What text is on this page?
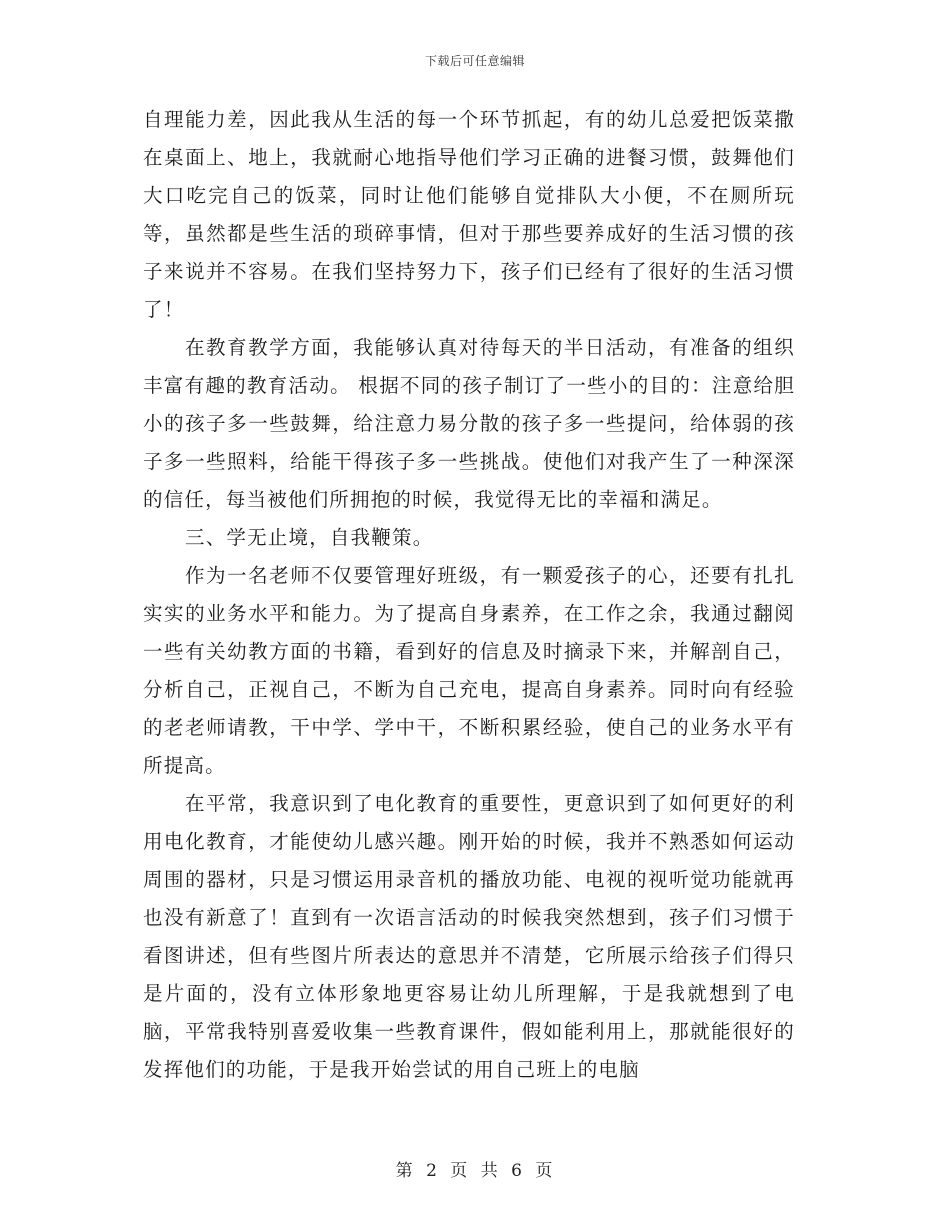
下载后可任意编辑

自理能力差，因此我从生活的每一个环节抓起，有的幼儿总爱把饭菜撒在桌面上、地上，我就耐心地指导他们学习正确的进餐习惯，鼓舞他们大口吃完自己的饭菜，同时让他们能够自觉排队大小便，不在厕所玩等，虽然都是些生活的琐碎事情，但对于那些要养成好的生活习惯的孩子来说并不容易。在我们坚持努力下，孩子们已经有了很好的生活习惯了！

在教育教学方面，我能够认真对待每天的半日活动，有准备的组织丰富有趣的教育活动。 根据不同的孩子制订了一些小的目的：注意给胆小的孩子多一些鼓舞，给注意力易分散的孩子多一些提问，给体弱的孩子多一些照料，给能干得孩子多一些挑战。使他们对我产生了一种深深的信任，每当被他们所拥抱的时候，我觉得无比的幸福和满足。

三、学无止境，自我鞭策。

作为一名老师不仅要管理好班级，有一颗爱孩子的心，还要有扎扎实实的业务水平和能力。为了提高自身素养，在工作之余，我通过翻阅一些有关幼教方面的书籍，看到好的信息及时摘录下来，并解剖自己，分析自己，正视自己，不断为自己充电，提高自身素养。同时向有经验的老老师请教，干中学、学中干，不断积累经验，使自己的业务水平有所提高。

在平常，我意识到了电化教育的重要性，更意识到了如何更好的利用电化教育，才能使幼儿感兴趣。刚开始的时候，我并不熟悉如何运动周围的器材，只是习惯运用录音机的播放功能、电视的视听觉功能就再也没有新意了！直到有一次语言活动的时候我突然想到，孩子们习惯于看图讲述，但有些图片所表达的意思并不清楚，它所展示给孩子们得只是片面的，没有立体形象地更容易让幼儿所理解，于是我就想到了电脑，平常我特别喜爱收集一些教育课件，假如能利用上，那就能很好的发挥他们的功能，于是我开始尝试的用自己班上的电脑

第 2 页 共 6 页
